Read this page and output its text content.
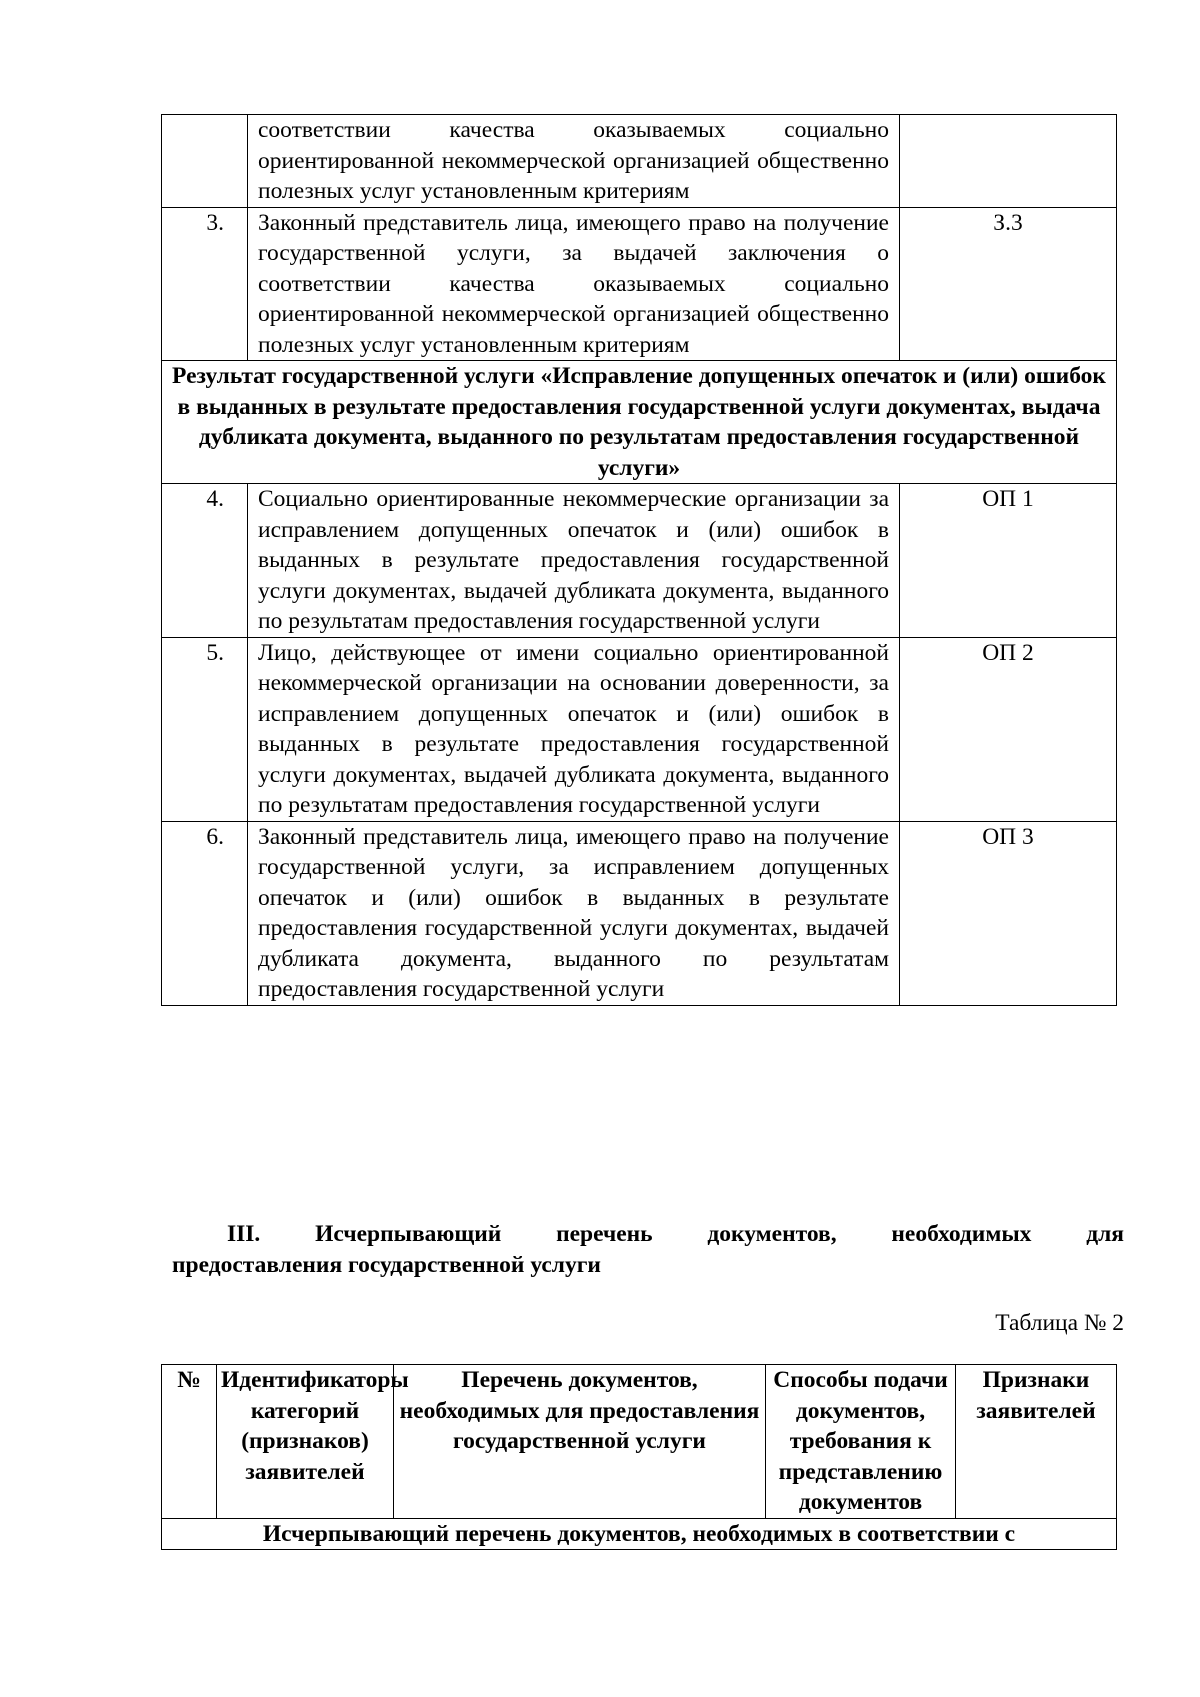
	соответствии качества оказываемых социально ориентированной некоммерческой организацией общественно полезных услуг установленным критериям	
3.	Законный представитель лица, имеющего право на получение государственной услуги, за выдачей заключения о соответствии качества оказываемых социально ориентированной некоммерческой организацией общественно полезных услуг установленным критериям	З.3
Результат государственной услуги «Исправление допущенных опечаток и (или) ошибок в выданных в результате предоставления государственной услуги документах, выдача дубликата документа, выданного по результатам предоставления государственной услуги»		
4.	Социально ориентированные некоммерческие организации за исправлением допущенных опечаток и (или) ошибок в выданных в результате предоставления государственной услуги документах, выдачей дубликата документа, выданного по результатам предоставления государственной услуги	ОП 1
5.	Лицо, действующее от имени социально ориентированной некоммерческой организации на основании доверенности, за исправлением допущенных опечаток и (или) ошибок в выданных в результате предоставления государственной услуги документах, выдачей дубликата документа, выданного по результатам предоставления государственной услуги	ОП 2
6.	Законный представитель лица, имеющего право на получение государственной услуги, за исправлением допущенных опечаток и (или) ошибок в выданных в результате предоставления государственной услуги документах, выдачей дубликата документа, выданного по результатам предоставления государственной услуги	ОП 3
III. Исчерпывающий перечень документов, необходимых для
предоставления государственной услуги
Таблица № 2
№	Идентификаторы категорий (признаков) заявителей	Перечень документов, необходимых для предоставления государственной услуги	Способы подачи документов, требования к представлению документов	Признаки заявителей
Исчерпывающий перечень документов, необходимых в соответствии с
